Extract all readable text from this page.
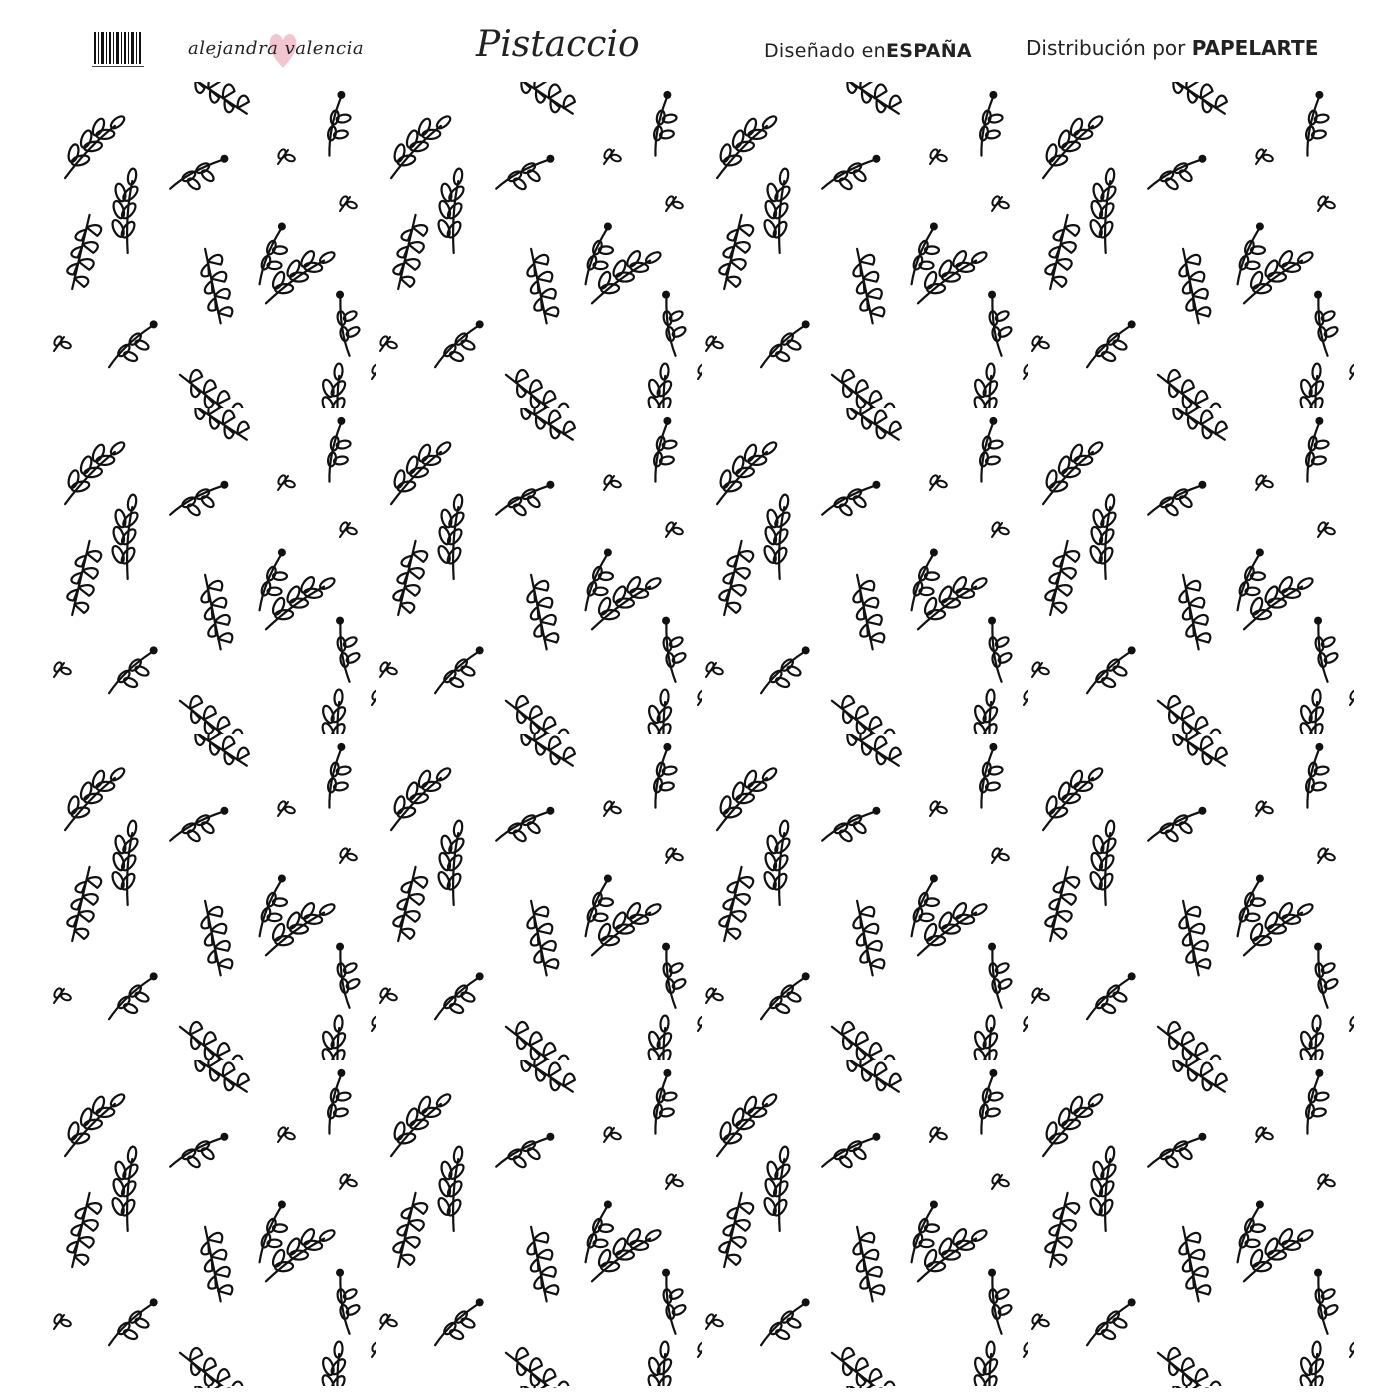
alejandra valencia	Pistaccio	Diseñado enESPAÑA	Distribución por PAPELARTE
